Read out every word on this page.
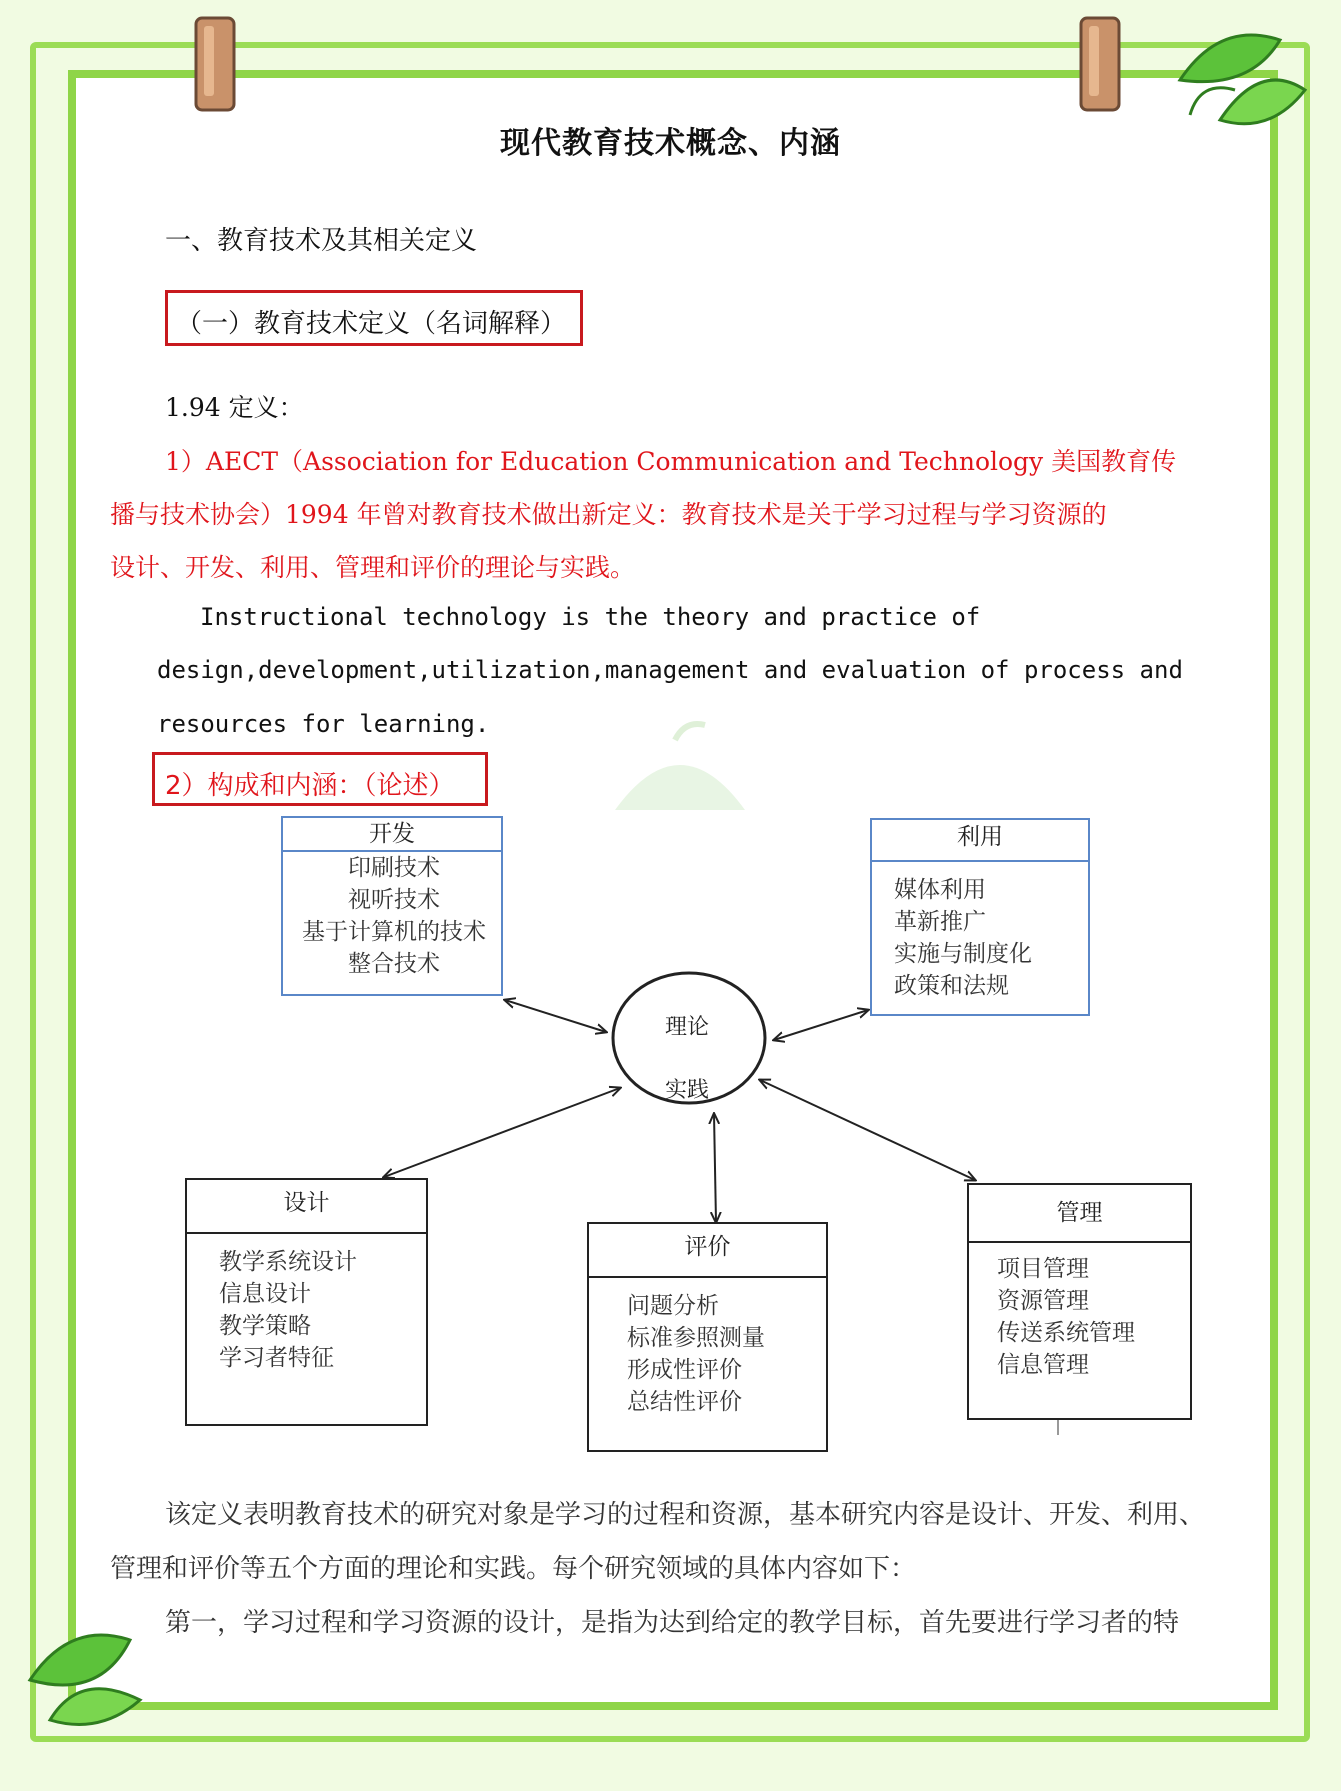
现代教育技术概念、内涵
一、教育技术及其相关定义
（一）教育技术定义（名词解释）
1.94 定义：
1）AECT（Association for Education Communication and Technology 美国教育传
播与技术协会）1994 年曾对教育技术做出新定义：教育技术是关于学习过程与学习资源的
设计、开发、利用、管理和评价的理论与实践。
Instructional technology is the theory and practice of
design,development,utilization,management and evaluation of process and
resources for learning.
2）构成和内涵：（论述）
理论
实践
开发
印刷技术
视听技术
基于计算机的技术
整合技术
利用
媒体利用
革新推广
实施与制度化
政策和法规
设计
教学系统设计
信息设计
教学策略
学习者特征
评价
问题分析
标准参照测量
形成性评价
总结性评价
管理
项目管理
资源管理
传送系统管理
信息管理
该定义表明教育技术的研究对象是学习的过程和资源，基本研究内容是设计、开发、利用、
管理和评价等五个方面的理论和实践。每个研究领域的具体内容如下：
第一，学习过程和学习资源的设计，是指为达到给定的教学目标，首先要进行学习者的特
